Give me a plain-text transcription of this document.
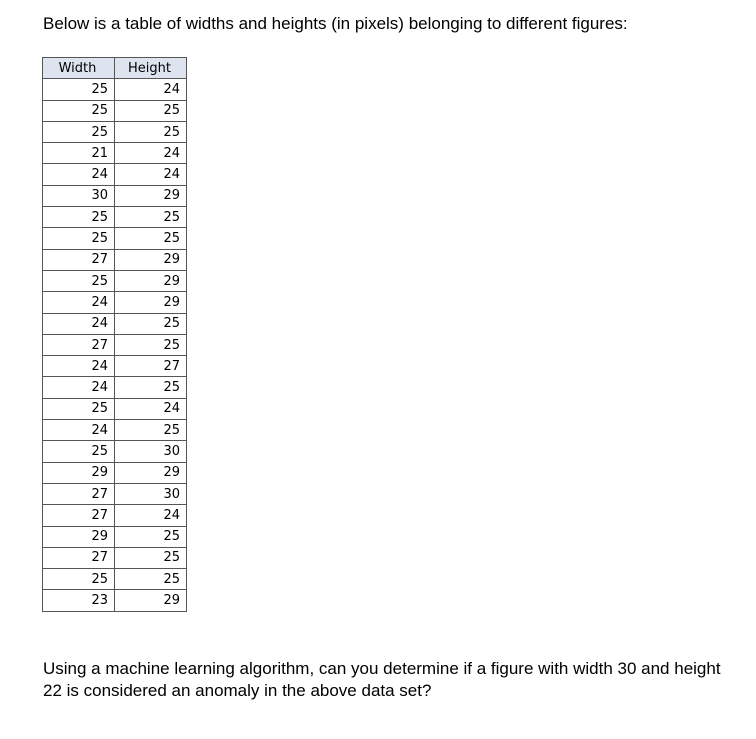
Below is a table of widths and heights (in pixels) belonging to different figures:
Width	Height
25	24
25	25
25	25
21	24
24	24
30	29
25	25
25	25
27	29
25	29
24	29
24	25
27	25
24	27
24	25
25	24
24	25
25	30
29	29
27	30
27	24
29	25
27	25
25	25
23	29
Using a machine learning algorithm, can you determine if a figure with width 30 and height 22 is considered an anomaly in the above data set?
